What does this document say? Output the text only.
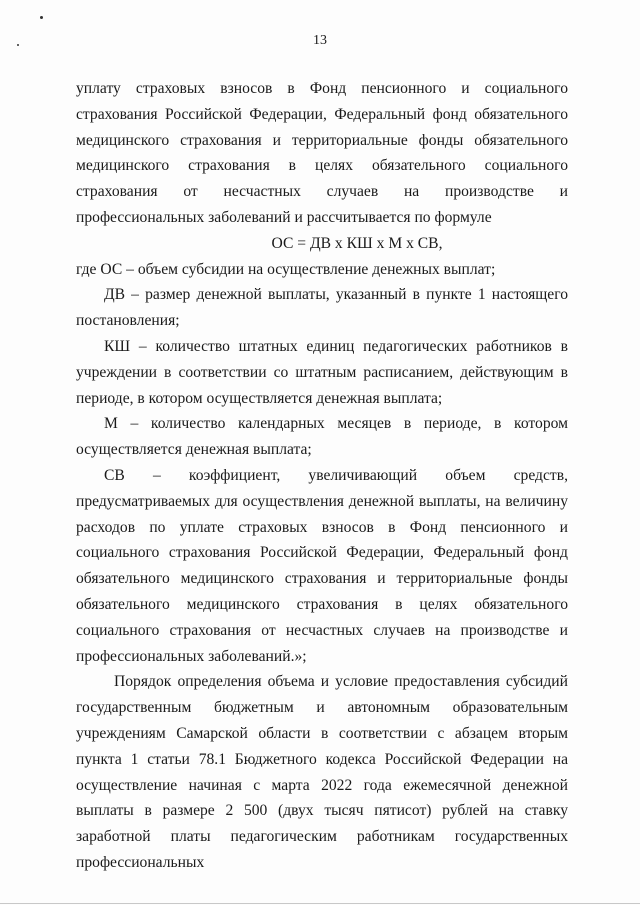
13

уплату страховых взносов в Фонд пенсионного и социального страхования Российской Федерации, Федеральный фонд обязательного медицинского страхования и территориальные фонды обязательного медицинского страхования в целях обязательного социального страхования от несчастных случаев на производстве и профессиональных заболеваний и рассчитывается по формуле

ОС = ДВ х КШ х М х СВ,

где ОС – объем субсидии на осуществление денежных выплат;

ДВ – размер денежной выплаты, указанный в пункте 1 настоящего постановления;

КШ – количество штатных единиц педагогических работников в учреждении в соответствии со штатным расписанием, действующим в периоде, в котором осуществляется денежная выплата;

М – количество календарных месяцев в периоде, в котором осуществляется денежная выплата;

СВ – коэффициент, увеличивающий объем средств, предусматриваемых для осуществления денежной выплаты, на величину расходов по уплате страховых взносов в Фонд пенсионного и социального страхования Российской Федерации, Федеральный фонд обязательного медицинского страхования и территориальные фонды обязательного медицинского страхования в целях обязательного социального страхования от несчастных случаев на производстве и профессиональных заболеваний.»;

Порядок определения объема и условие предоставления субсидий государственным бюджетным и автономным образовательным учреждениям Самарской области в соответствии с абзацем вторым пункта 1 статьи 78.1 Бюджетного кодекса Российской Федерации на осуществление начиная с марта 2022 года ежемесячной денежной выплаты в размере 2 500 (двух тысяч пятисот) рублей на ставку заработной платы педагогическим работникам государственных профессиональных
